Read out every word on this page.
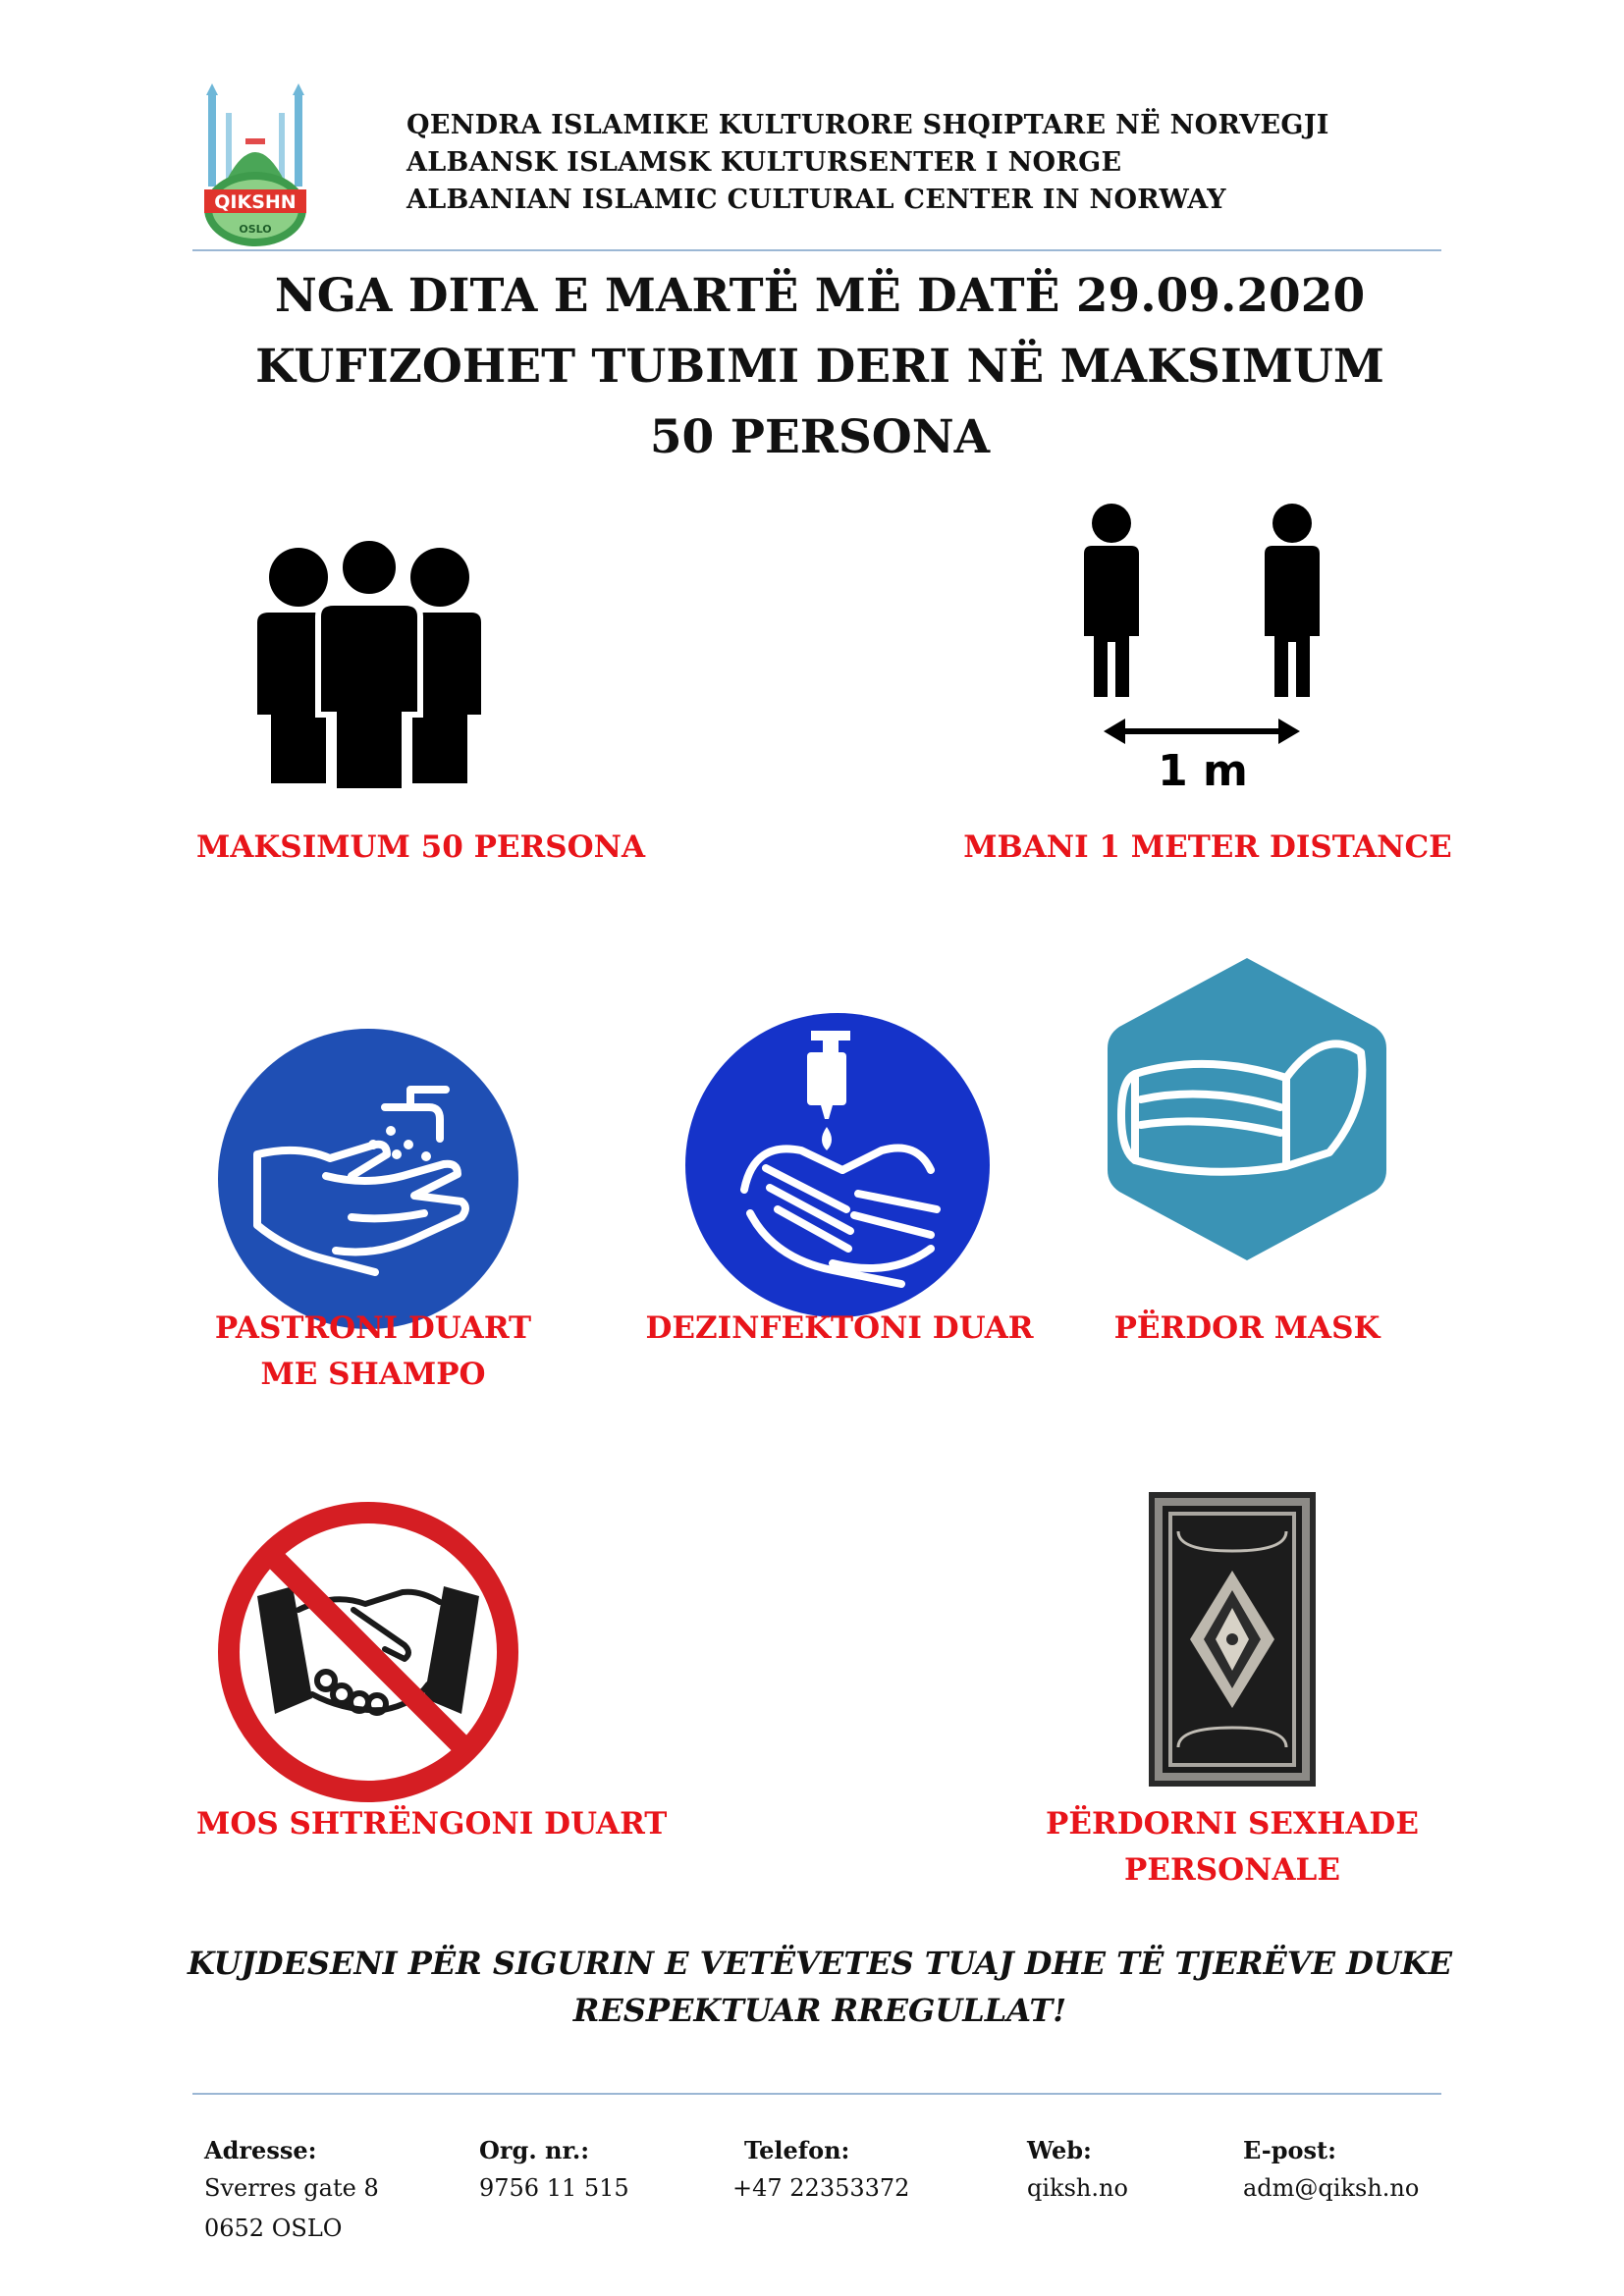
QIKSHN
OSLO
QENDRA ISLAMIKE KULTURORE SHQIPTARE NË NORVEGJI
ALBANSK ISLAMSK KULTURSENTER I NORGE
ALBANIAN ISLAMIC CULTURAL CENTER IN NORWAY
NGA DITA E MARTË MË DATË 29.09.2020
KUFIZOHET TUBIMI DERI NË MAKSIMUM
50 PERSONA
1 m
MAKSIMUM 50 PERSONA	MBANI 1 METER DISTANCE
PASTRONI DUART
ME SHAMPO
DEZINFEKTONI DUAR	PËRDOR MASK
MOS SHTRËNGONI DUART	PËRDORNI SEXHADE
PERSONALE
KUJDESENI PËR SIGURIN E VETËVETES TUAJ DHE TË TJERËVE DUKE
RESPEKTUAR RREGULLAT!
Adresse:
Sverres gate 8
0652 OSLO
Org. nr.:
9756 11 515
Telefon:
+47 22353372
Web:
qiksh.no
E-post:
adm@qiksh.no
